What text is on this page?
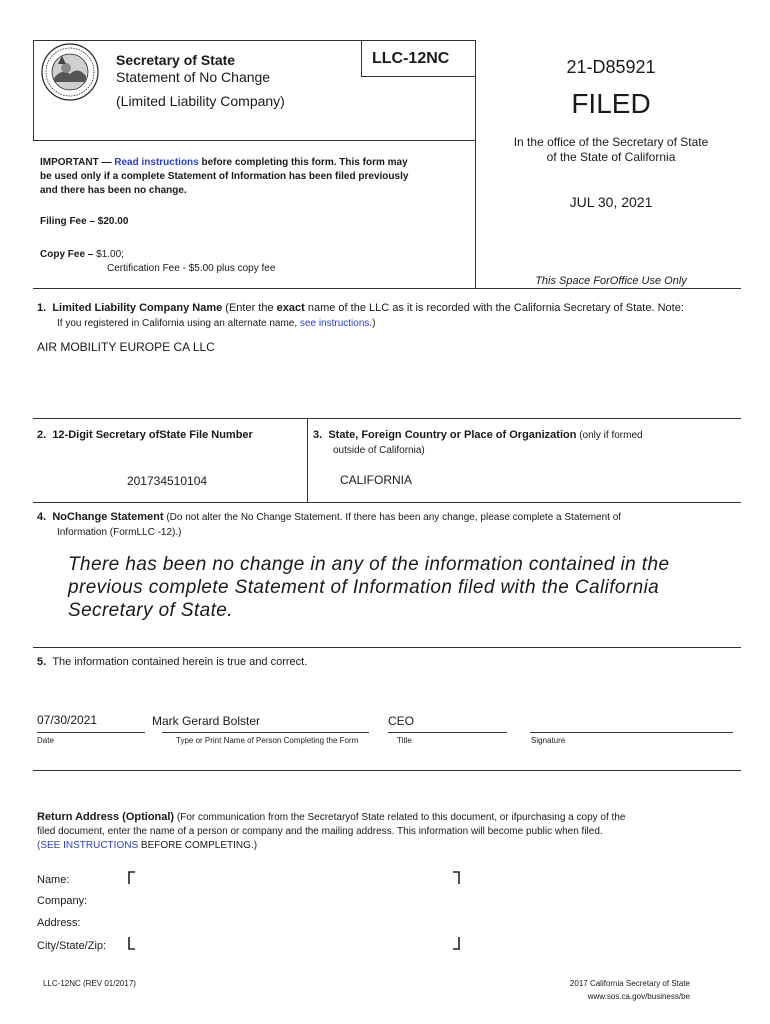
Secretary of State
Statement of No Change
(Limited Liability Company)
LLC-12NC	21-D85921
FILED
In the office of the Secretary of State
of the State of California
JUL 30, 2021
This Space ForOffice Use Only
IMPORTANT — Read instructions before completing this form. This form may
be used only if a complete Statement of Information has been filed previously
and there has been no change.
Filing Fee – $20.00
Copy Fee – $1.00;
Certification Fee - $5.00 plus copy fee
1. Limited Liability Company Name (Enter the exact name of the LLC as it is recorded with the California Secretary of State. Note:
If you registered in California using an alternate name, see instructions.)
AIR MOBILITY EUROPE CA LLC
2. 12-Digit Secretary ofState File Number
201734510104
3. State, Foreign Country or Place of Organization (only if formed
outside of California)
CALIFORNIA
4. NoChange Statement (Do not alter the No Change Statement. If there has been any change, please complete a Statement of
Information (FormLLC -12).)
There has been no change in any of the information contained in the
previous complete Statement of Information filed with the California
Secretary of State.
5. The information contained herein is true and correct.
07/30/2021	Mark Gerard Bolster	CEO
Date	Type or Print Name of Person Completing the Form	Title	Signature
Return Address (Optional) (For communication from the Secretaryof State related to this document, or ifpurchasing a copy of the
filed document, enter the name of a person or company and the mailing address. This information will become public when filed.
(SEE INSTRUCTIONS BEFORE COMPLETING.)
Name:
Company:
Address:
City/State/Zip:
LLC-12NC (REV 01/2017)	2017 California Secretary of State
www.sos.ca.gov/business/be
